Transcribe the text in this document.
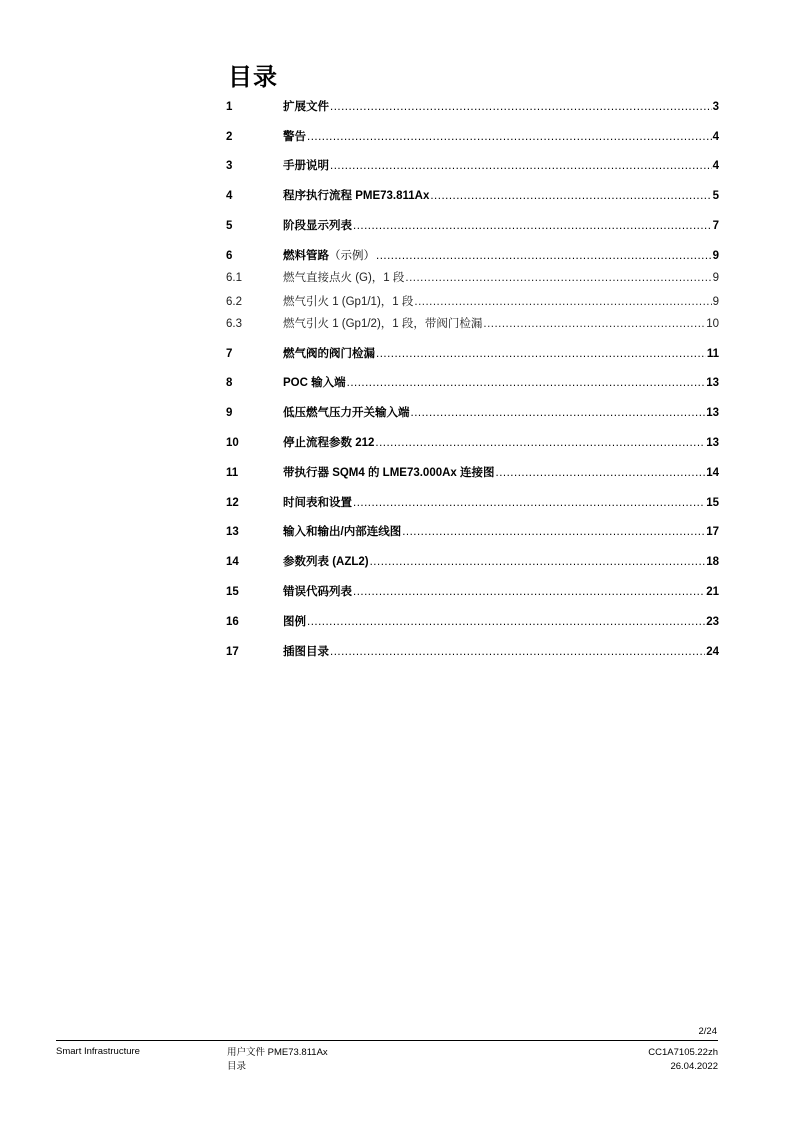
目录
1	扩展文件 .....	3
2	警告 .....	4
3	手册说明 .....	4
4	程序执行流程 PME73.811Ax .....	5
5	阶段显示列表 .....	7
6	燃料管路（示例） .....	9
6.1	燃气直接点火 (G)，1 段 .....	9
6.2	燃气引火 1 (Gp1/1)，1 段 .....	9
6.3	燃气引火 1 (Gp1/2)，1 段，带阀门检漏 .....	10
7	燃气阀的阀门检漏 .....	11
8	POC 输入端 .....	13
9	低压燃气压力开关输入端 .....	13
10	停止流程参数 212 .....	13
11	带执行器 SQM4 的 LME73.000Ax 连接图 .....	14
12	时间表和设置 .....	15
13	输入和输出/内部连线图 .....	17
14	参数列表 (AZL2) .....	18
15	错误代码列表 .....	21
16	图例 .....	23
17	插图目录 .....	24
2/24
Smart Infrastructure	用户文件 PME73.811Ax
目录
CC1A7105.22zh
26.04.2022
